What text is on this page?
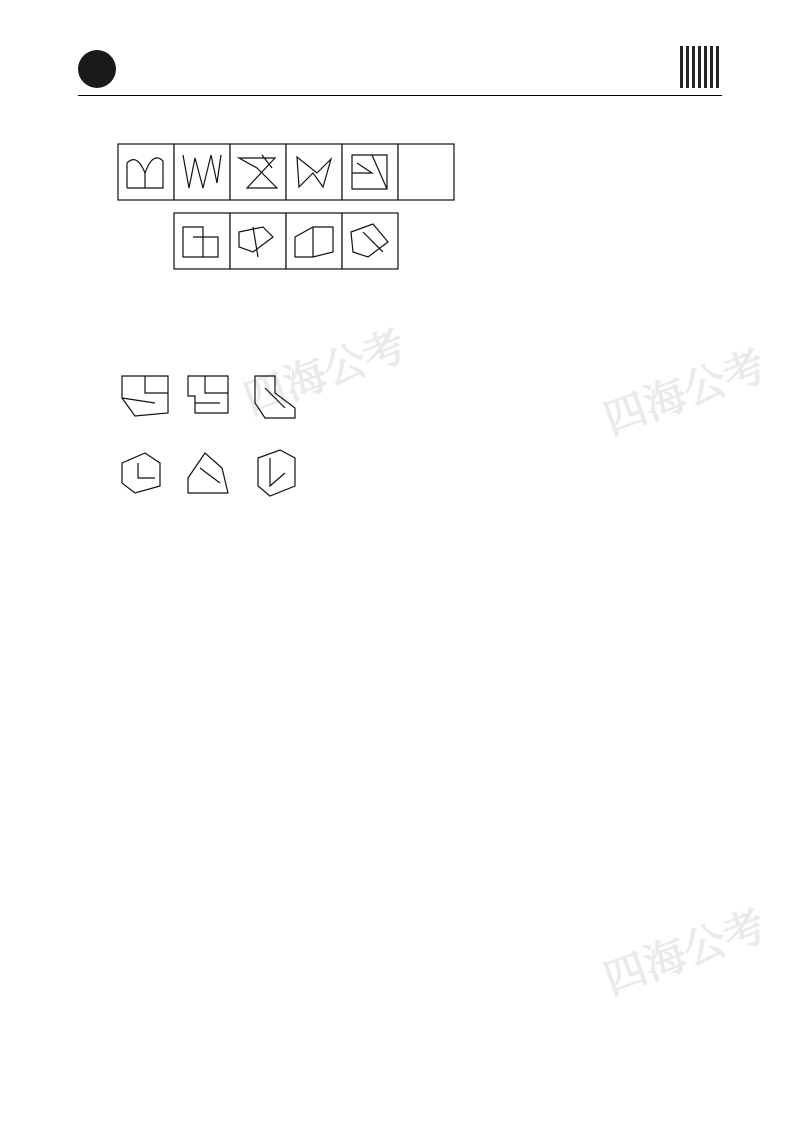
四海公考
四海公考
四海公考
